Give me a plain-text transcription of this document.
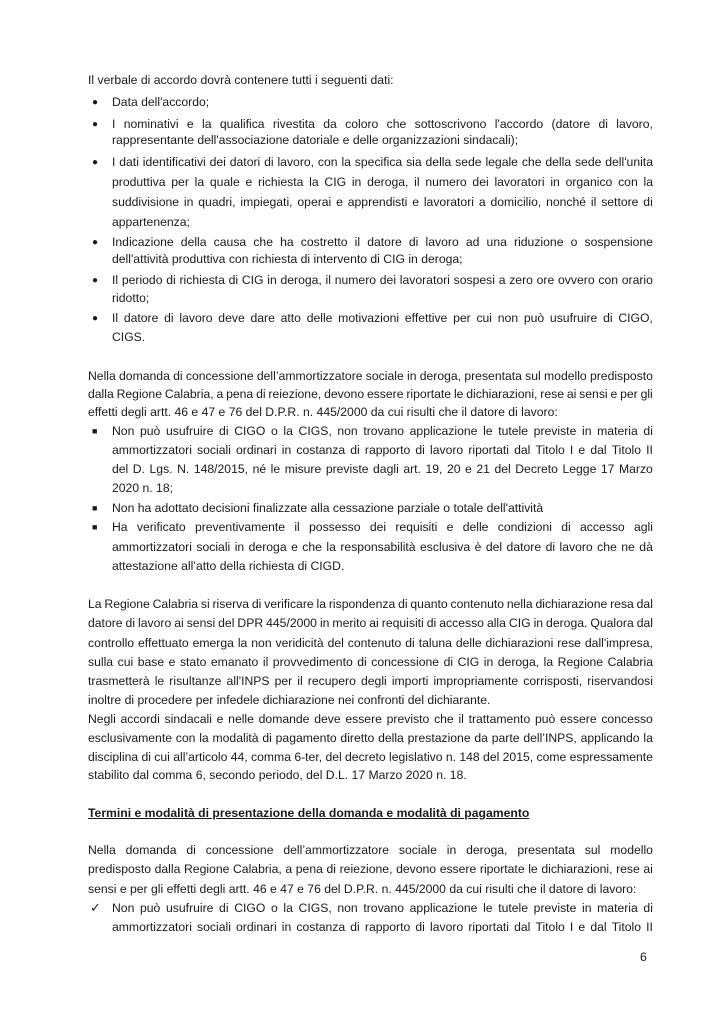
Il verbale di accordo dovrà contenere tutti i seguenti dati:
● Data dell'accordo;
● I nominativi e la qualifica rivestita da coloro che sottoscrivono l'accordo (datore di lavoro,
rappresentante dell'associazione datoriale e delle organizzazioni sindacali);
● I dati identificativi dei datori di lavoro, con la specifica sia della sede legale che della sede dell'unita
produttiva per la quale e richiesta la CIG in deroga, il numero dei lavoratori in organico con la
suddivisione in quadri, impiegati, operai e apprendisti e lavoratori a domicilio, nonché il settore di
appartenenza;
● Indicazione della causa che ha costretto il datore di lavoro ad una riduzione o sospensione
dell'attività produttiva con richiesta di intervento di CIG in deroga;
● Il periodo di richiesta di CIG in deroga, il numero dei lavoratori sospesi a zero ore ovvero con orario
ridotto;
● Il datore di lavoro deve dare atto delle motivazioni effettive per cui non può usufruire di CIGO,
CIGS.
Nella domanda di concessione dell’ammortizzatore sociale in deroga, presentata sul modello predisposto
dalla Regione Calabria, a pena di reiezione, devono essere riportate le dichiarazioni, rese ai sensi e per gli
effetti degli artt. 46 e 47 e 76 del D.P.R. n. 445/2000 da cui risulti che il datore di lavoro:
■ Non può usufruire di CIGO o la CIGS, non trovano applicazione le tutele previste in materia di
ammortizzatori sociali ordinari in costanza di rapporto di lavoro riportati dal Titolo I e dal Titolo II
del D. Lgs. N. 148/2015, né le misure previste dagli art. 19, 20 e 21 del Decreto Legge 17 Marzo
2020 n. 18;
■ Non ha adottato decisioni finalizzate alla cessazione parziale o totale dell'attività
■ Ha verificato preventivamente il possesso dei requisiti e delle condizioni di accesso agli
ammortizzatori sociali in deroga e che la responsabilità esclusiva è del datore di lavoro che ne dà
attestazione all’atto della richiesta di CIGD.
La Regione Calabria si riserva di verificare la rispondenza di quanto contenuto nella dichiarazione resa dal
datore di lavoro ai sensi del DPR 445/2000 in merito ai requisiti di accesso alla CIG in deroga. Qualora dal
controllo effettuato emerga la non veridicità del contenuto di taluna delle dichiarazioni rese dall'impresa,
sulla cui base e stato emanato il provvedimento di concessione di CIG in deroga, la Regione Calabria
trasmetterà le risultanze all'INPS per il recupero degli importi impropriamente corrisposti, riservandosi
inoltre di procedere per infedele dichiarazione nei confronti del dichiarante.
Negli accordi sindacali e nelle domande deve essere previsto che il trattamento può essere concesso
esclusivamente con la modalità di pagamento diretto della prestazione da parte dell’INPS, applicando la
disciplina di cui all’articolo 44, comma 6-ter, del decreto legislativo n. 148 del 2015, come espressamente
stabilito dal comma 6, secondo periodo, del D.L. 17 Marzo 2020 n. 18.
Termini e modalità di presentazione della domanda e modalità di pagamento
Nella domanda di concessione dell’ammortizzatore sociale in deroga, presentata sul modello
predisposto dalla Regione Calabria, a pena di reiezione, devono essere riportate le dichiarazioni, rese ai
sensi e per gli effetti degli artt. 46 e 47 e 76 del D.P.R. n. 445/2000 da cui risulti che il datore di lavoro:
✓ Non può usufruire di CIGO o la CIGS, non trovano applicazione le tutele previste in materia di
ammortizzatori sociali ordinari in costanza di rapporto di lavoro riportati dal Titolo I e dal Titolo II
6
